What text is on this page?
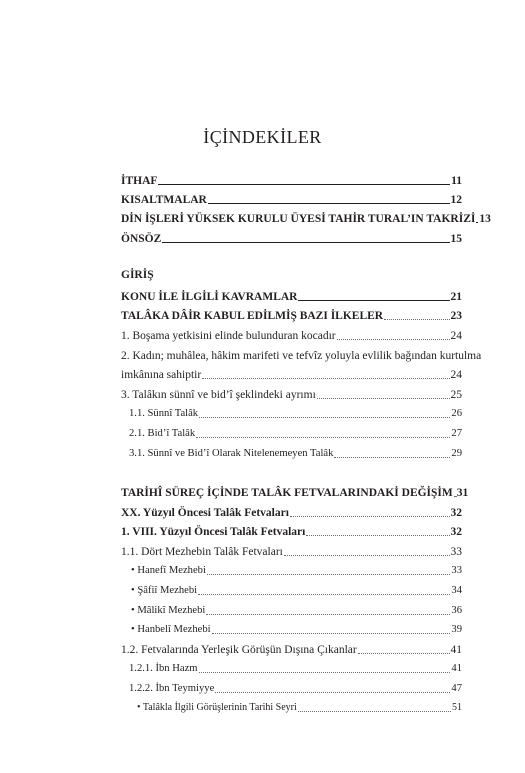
İÇİNDEKİLER
İTHAF	11
KISALTMALAR	12
DİN İŞLERİ YÜKSEK KURULU ÜYESİ TAHİR TURAL’IN TAKRİZİ 13
ÖNSÖZ	15
GİRİŞ
KONU İLE İLGİLİ KAVRAMLAR	21
TALÂKA DÂİR KABUL EDİLMİŞ BAZI İLKELER	23
1. Boşama yetkisini elinde bulunduran kocadır	24
2. Kadın; muhâlea, hâkim marifeti ve tefvîz yoluyla evlilik bağından kurtulma
imkânına sahiptir	24
3. Talâkın sünnî ve bid’î şeklindeki ayrımı	25
1.1. Sünnî Talâk	26
2.1. Bid’î Talâk	27
3.1. Sünnî ve Bid’î Olarak Nitelenemeyen Talâk	29
TARİHÎ SÜREÇ İÇİNDE TALÂK FETVALARINDAKİ DEĞİŞİM 31
XX. Yüzyıl Öncesi Talâk Fetvaları	32
1. VIII. Yüzyıl Öncesi Talâk Fetvaları	32
1.1. Dört Mezhebin Talâk Fetvaları	33
• Hanefî Mezhebi	33
• Şâfiî Mezhebi	34
• Mâlikî Mezhebi	36
• Hanbelî Mezhebi	39
1.2. Fetvalarında Yerleşik Görüşün Dışına Çıkanlar	41
1.2.1. İbn Hazm	41
1.2.2. İbn Teymiyye	47
• Talâkla İlgili Görüşlerinin Tarihi Seyri	51
